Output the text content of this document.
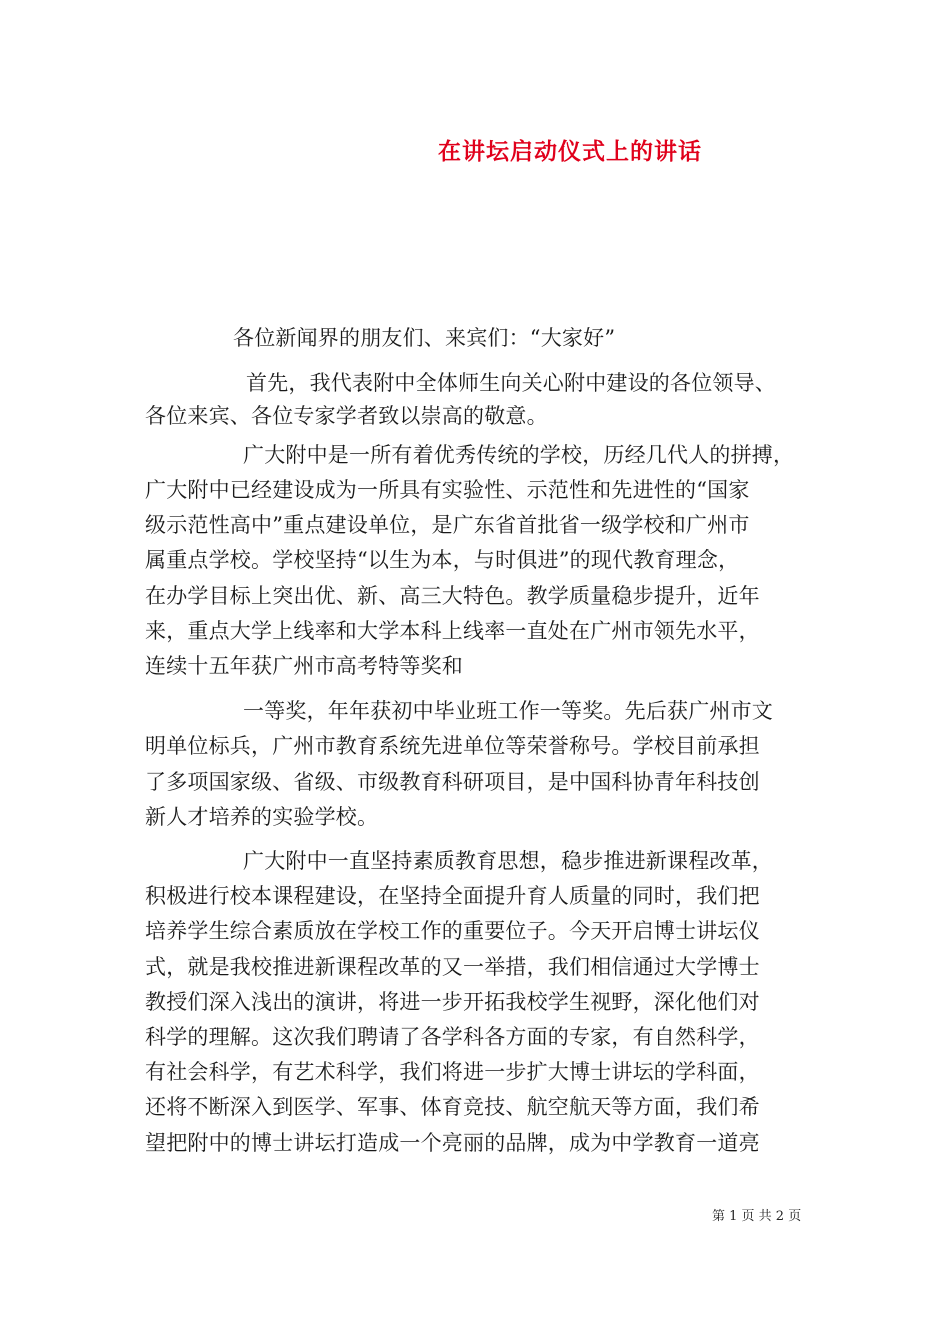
在讲坛启动仪式上的讲话
各位新闻界的朋友们、来宾们：“大家好”
首先，我代表附中全体师生向关心附中建设的各位领导、
各位来宾、各位专家学者致以崇高的敬意。
广大附中是一所有着优秀传统的学校，历经几代人的拼搏，
广大附中已经建设成为一所具有实验性、示范性和先进性的“国家
级示范性高中”重点建设单位，是广东省首批省一级学校和广州市
属重点学校。学校坚持“以生为本，与时俱进”的现代教育理念，
在办学目标上突出优、新、高三大特色。教学质量稳步提升，近年
来，重点大学上线率和大学本科上线率一直处在广州市领先水平，
连续十五年获广州市高考特等奖和
一等奖，年年获初中毕业班工作一等奖。先后获广州市文
明单位标兵，广州市教育系统先进单位等荣誉称号。学校目前承担
了多项国家级、省级、市级教育科研项目，是中国科协青年科技创
新人才培养的实验学校。
广大附中一直坚持素质教育思想，稳步推进新课程改革，
积极进行校本课程建设，在坚持全面提升育人质量的同时，我们把
培养学生综合素质放在学校工作的重要位子。今天开启博士讲坛仪
式，就是我校推进新课程改革的又一举措，我们相信通过大学博士
教授们深入浅出的演讲，将进一步开拓我校学生视野，深化他们对
科学的理解。这次我们聘请了各学科各方面的专家，有自然科学，
有社会科学，有艺术科学，我们将进一步扩大博士讲坛的学科面，
还将不断深入到医学、军事、体育竞技、航空航天等方面，我们希
望把附中的博士讲坛打造成一个亮丽的品牌，成为中学教育一道亮
第 1 页 共 2 页
